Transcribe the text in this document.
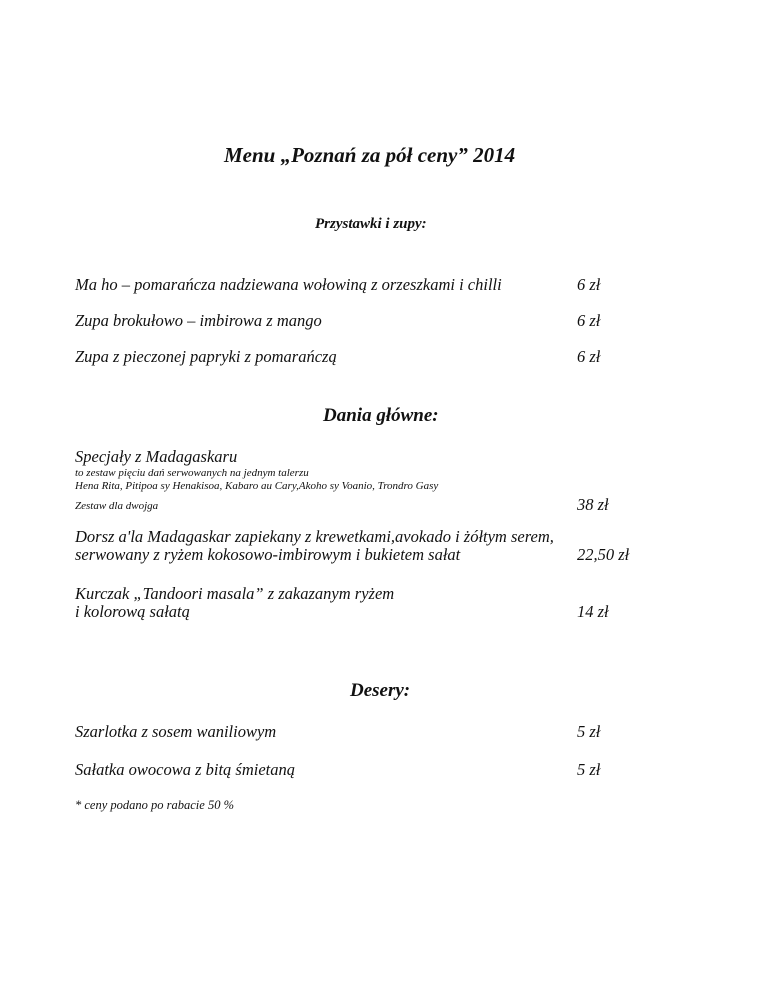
Menu „Poznań za pół ceny” 2014
Przystawki i zupy:
Ma ho – pomarańcza nadziewana wołowiną z orzeszkami i chilli	6 zł
Zupa brokułowo – imbirowa z mango	6 zł
Zupa z pieczonej papryki z pomarańczą	6 zł
Dania główne:
Specjały z Madagaskaru
to zestaw pięciu dań serwowanych na jednym talerzu
Hena Rita, Pitipoa sy Henakisoa, Kabaro au Cary,Akoho sy Voanio, Trondro Gasy
Zestaw dla dwojga	38 zł
Dorsz a'la Madagaskar zapiekany z krewetkami,avokado i żółtym serem,
serwowany z ryżem kokosowo-imbirowym i bukietem sałat	22,50 zł
Kurczak „Tandoori masala” z zakazanym ryżem
i kolorową sałatą	14 zł
Desery:
Szarlotka z sosem waniliowym	5 zł
Sałatka owocowa z bitą śmietaną	5 zł
* ceny podano po rabacie 50 %
